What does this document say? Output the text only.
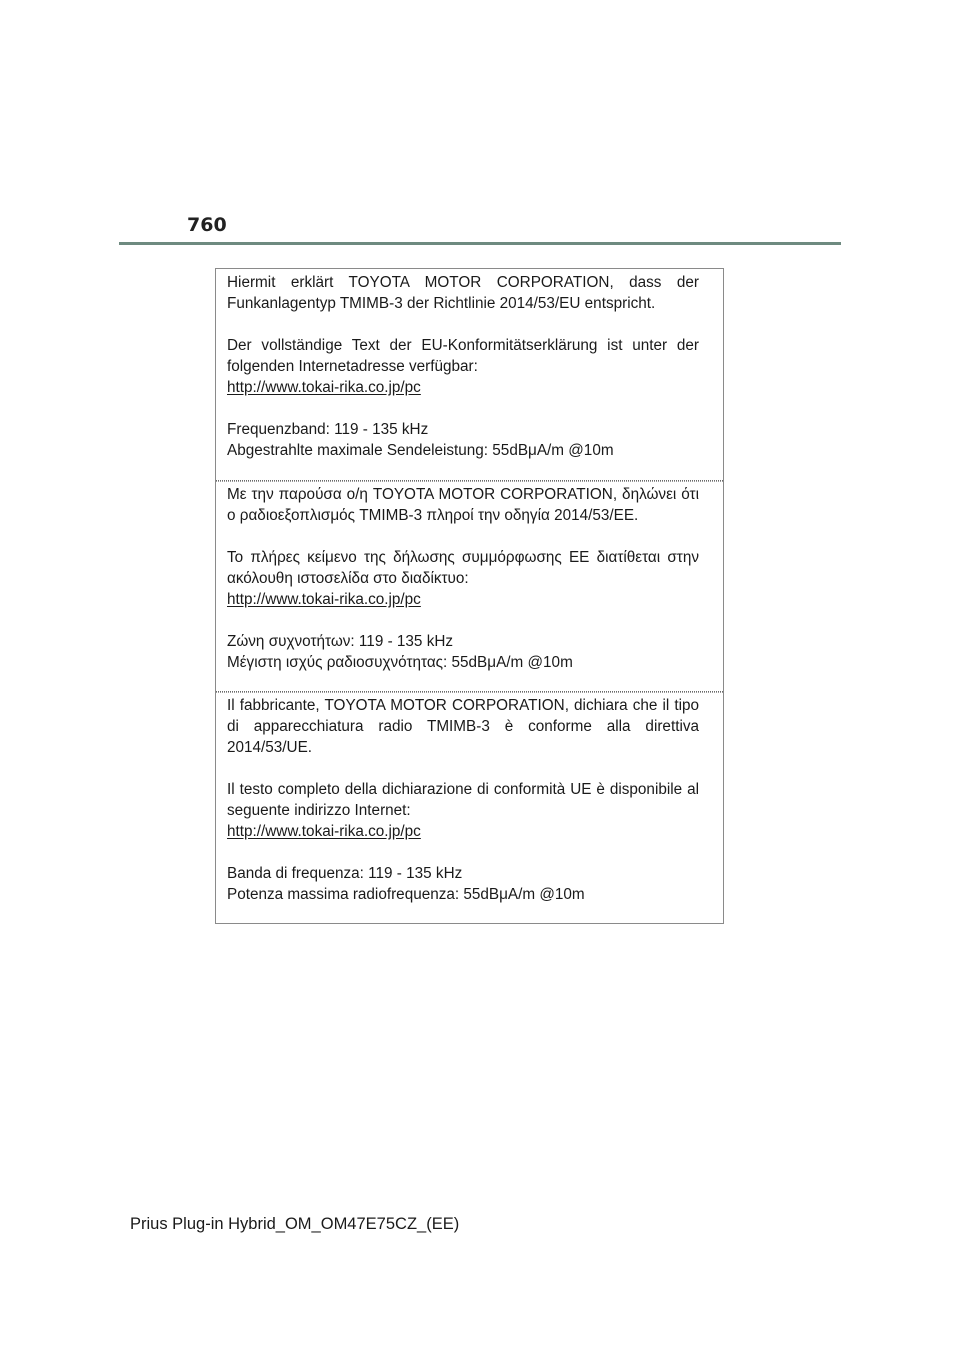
760

Hiermit erklärt TOYOTA MOTOR CORPORATION, dass der Funkanlagentyp TMIMB-3 der Richtlinie 2014/53/EU entspricht.

Der vollständige Text der EU-Konformitätserklärung ist unter der folgenden Internetadresse verfügbar:

http://www.tokai-rika.co.jp/pc

Frequenzband: 119 - 135 kHz

Abgestrahlte maximale Sendeleistung: 55dBμA/m @10m

Με την παρούσα ο/η TOYOTA MOTOR CORPORATION, δηλώνει ότι ο ραδιοεξοπλισμός TMIMB-3 πληροί την οδηγία 2014/53/ΕΕ.

Το πλήρες κείμενο της δήλωσης συμμόρφωσης ΕΕ διατίθεται στην ακόλουθη ιστοσελίδα στο διαδίκτυο:

http://www.tokai-rika.co.jp/pc

Ζώνη συχνοτήτων: 119 - 135 kHz

Μέγιστη ισχύς ραδιοσυχνότητας: 55dBμA/m @10m

Il fabbricante, TOYOTA MOTOR CORPORATION, dichiara che il tipo di apparecchiatura radio TMIMB-3 è conforme alla direttiva 2014/53/UE.

Il testo completo della dichiarazione di conformità UE è disponibile al seguente indirizzo Internet:

http://www.tokai-rika.co.jp/pc

Banda di frequenza: 119 - 135 kHz

Potenza massima radiofrequenza: 55dBμA/m @10m

Prius Plug-in Hybrid_OM_OM47E75CZ_(EE)
